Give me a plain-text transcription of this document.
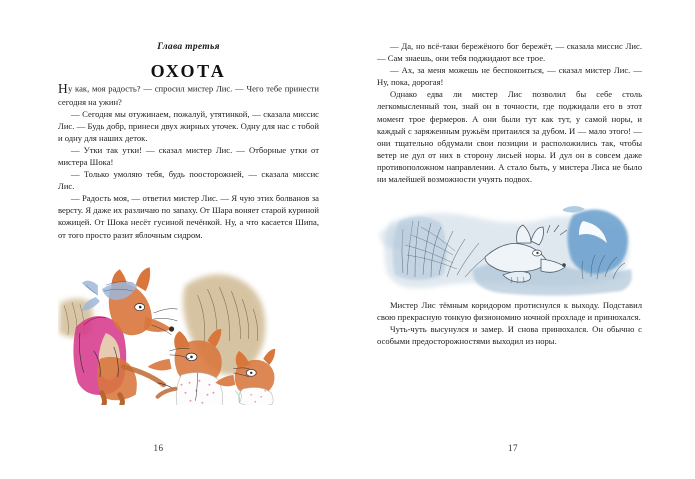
Глава третья
ОХОТА

Ну как, моя радость? — спросил мистер Лис. — Чего тебе принести сегодня на ужин?

— Сегодня мы отужинаем, пожалуй, утятинкой, — сказала миссис Лис. — Будь добр, принеси двух жирных уточек. Одну для нас с тобой и одну для наших деток.

— Утки так утки! — сказал мистер Лис. — Отборные утки от мистера Шока!

— Только умоляю тебя, будь поосторожней, — сказала миссис Лис.

— Радость моя, — ответил мистер Лис. — Я чую этих болванов за версту. Я даже их различаю по запаху. От Шара воняет старой куриной кожицей. От Шока несёт гусиной печёнкой. Ну, а что касается Шипа, от того просто разит яблочным сидром.

16

— Да, но всё-таки бережёного бог бережёт, — сказала миссис Лис. — Сам знаешь, они тебя поджидают все трое.

— Ах, за меня можешь не беспокоиться, — сказал мистер Лис. — Ну, пока, дорогая!

Однако едва ли мистер Лис позволил бы себе столь легкомысленный тон, знай он в точности, где поджидали его в этот момент трое фермеров. А они были тут как тут, у самой норы, и каждый с заряженным ружьём притаился за дубом. И — мало этого! — они тщательно обдумали свои позиции и расположились так, чтобы ветер не дул от них в сторону лисьей норы. И дул он в совсем даже противоположном направлении. А стало быть, у мистера Лиса не было ни малейшей возможности учуять подвох.

Мистер Лис тёмным коридором протиснулся к выходу. Подставил свою прекрасную тонкую физиономию ночной прохладе и принюхался.

Чуть-чуть высунулся и замер. И снова принюхался. Он обычно с особыми предосторожностями выходил из норы.

17
